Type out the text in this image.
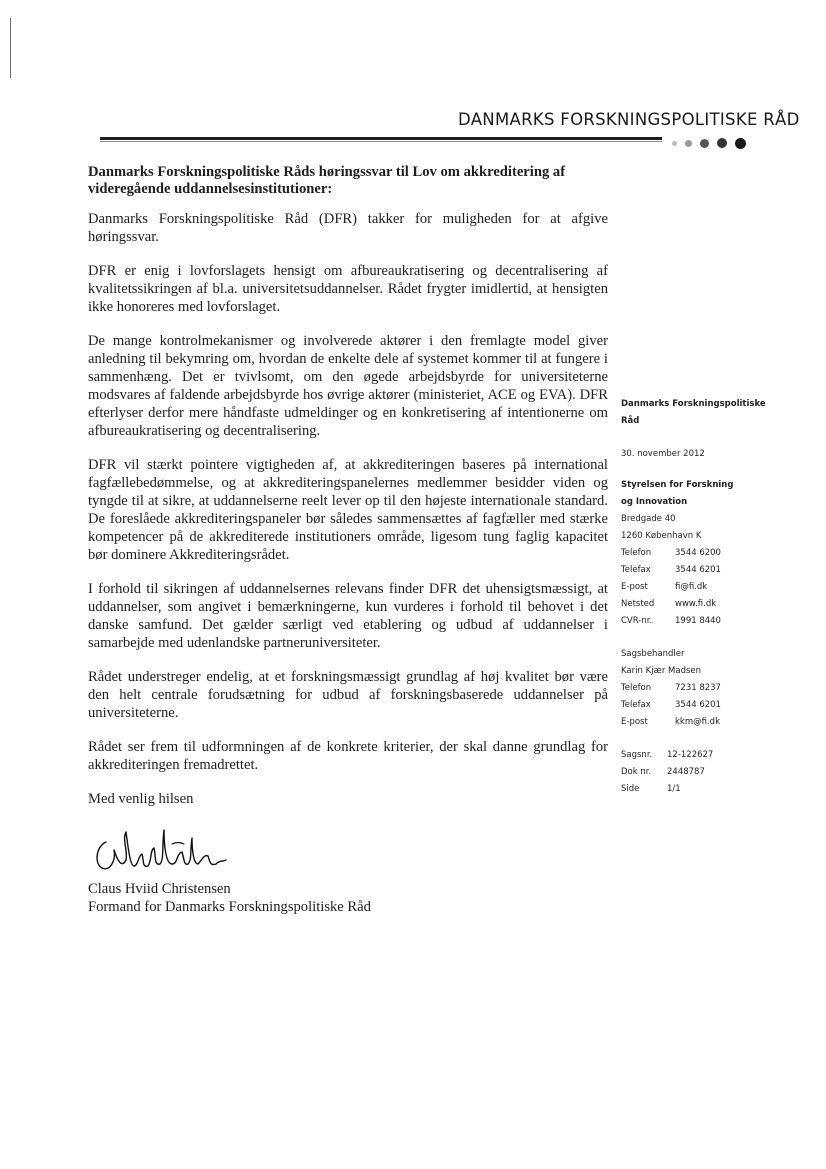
DANMARKS FORSKNINGSPOLITISKE RÅD
Danmarks Forskningspolitiske Råds høringssvar til Lov om akkreditering af videregående uddannelsesinstitutioner:

Danmarks Forskningspolitiske Råd (DFR) takker for muligheden for at afgive høringssvar.

DFR er enig i lovforslagets hensigt om afbureaukratisering og decentralisering af kvalitetssikringen af bl.a. universitetsuddannelser. Rådet frygter imidlertid, at hensigten ikke honoreres med lovforslaget.

De mange kontrolmekanismer og involverede aktører i den fremlagte model giver anledning til bekymring om, hvordan de enkelte dele af systemet kommer til at fungere i sammenhæng. Det er tvivlsomt, om den øgede arbejdsbyrde for universiteterne modsvares af faldende arbejdsbyrde hos øvrige aktører (ministeriet, ACE og EVA). DFR efterlyser derfor mere håndfaste udmeldinger og en konkretisering af intentionerne om afbureaukratisering og decentralisering.

DFR vil stærkt pointere vigtigheden af, at akkrediteringen baseres på international fagfællebedømmelse, og at akkrediteringspanelernes medlemmer besidder viden og tyngde til at sikre, at uddannelserne reelt lever op til den højeste internationale standard. De foreslåede akkrediteringspaneler bør således sammensættes af fagfæller med stærke kompetencer på de akkrediterede institutioners område, ligesom tung faglig kapacitet bør dominere Akkrediteringsrådet.

I forhold til sikringen af uddannelsernes relevans finder DFR det uhensigtsmæssigt, at uddannelser, som angivet i bemærkningerne, kun vurderes i forhold til behovet i det danske samfund. Det gælder særligt ved etablering og udbud af uddannelser i samarbejde med udenlandske partneruniversiteter.

Rådet understreger endelig, at et forskningsmæssigt grundlag af høj kvalitet bør være den helt centrale forudsætning for udbud af forskningsbaserede uddannelser på universiteterne.

Rådet ser frem til udformningen af de konkrete kriterier, der skal danne grundlag for akkrediteringen fremadrettet.

Med venlig hilsen

Claus Hviid Christensen
Formand for Danmarks Forskningspolitiske Råd
Danmarks Forskningspolitiske
Råd
30. november 2012
Styrelsen for Forskning
og Innovation
Bredgade 40
1260 København K
Telefon	3544 6200
Telefax	3544 6201
E-post	fi@fi.dk
Netsted	www.fi.dk
CVR-nr.	1991 8440
Sagsbehandler
Karin Kjær Madsen
Telefon	7231 8237
Telefax	3544 6201
E-post	kkm@fi.dk
Sagsnr.	12-122627
Dok nr.	2448787
Side	1/1
